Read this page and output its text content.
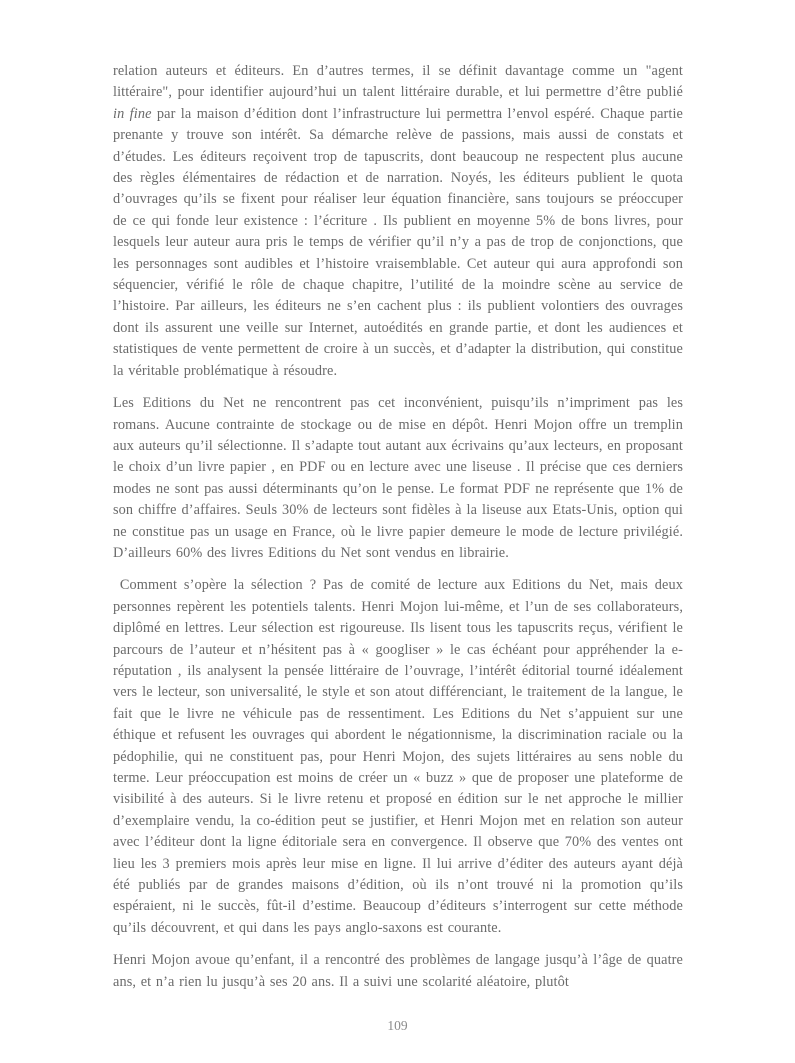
relation auteurs et éditeurs. En d’autres termes, il se définit davantage comme un "agent littéraire", pour identifier aujourd’hui un talent littéraire durable, et lui permettre d’être publié in fine par la maison d’édition dont l’infrastructure lui permettra l’envol espéré. Chaque partie prenante y trouve son intérêt. Sa démarche relève de passions, mais aussi de constats et d’études. Les éditeurs reçoivent trop de tapuscrits, dont beaucoup ne respectent plus aucune des règles élémentaires de rédaction et de narration. Noyés, les éditeurs publient le quota d’ouvrages qu’ils se fixent pour réaliser leur équation financière, sans toujours se préoccuper de ce qui fonde leur existence : l’écriture . Ils publient en moyenne 5% de bons livres, pour lesquels leur auteur aura pris le temps de vérifier qu’il n’y a pas de trop de conjonctions, que les personnages sont audibles et l’histoire vraisemblable. Cet auteur qui aura approfondi son séquencier, vérifié le rôle de chaque chapitre, l’utilité de la moindre scène au service de l’histoire. Par ailleurs, les éditeurs ne s’en cachent plus : ils publient volontiers des ouvrages dont ils assurent une veille sur Internet, autoédités en grande partie, et dont les audiences et statistiques de vente permettent de croire à un succès, et d’adapter la distribution, qui constitue la véritable problématique à résoudre.

Les Editions du Net ne rencontrent pas cet inconvénient, puisqu’ils n’impriment pas les romans. Aucune contrainte de stockage ou de mise en dépôt. Henri Mojon offre un tremplin aux auteurs qu’il sélectionne. Il s’adapte tout autant aux écrivains qu’aux lecteurs, en proposant le choix d’un livre papier , en PDF ou en lecture avec une liseuse . Il précise que ces derniers modes ne sont pas aussi déterminants qu’on le pense. Le format PDF ne représente que 1% de son chiffre d’affaires. Seuls 30% de lecteurs sont fidèles à la liseuse aux Etats-Unis, option qui ne constitue pas un usage en France, où le livre papier demeure le mode de lecture privilégié. D’ailleurs 60% des livres Editions du Net sont vendus en librairie.

Comment s’opère la sélection ? Pas de comité de lecture aux Editions du Net, mais deux personnes repèrent les potentiels talents. Henri Mojon lui-même, et l’un de ses collaborateurs, diplômé en lettres. Leur sélection est rigoureuse. Ils lisent tous les tapuscrits reçus, vérifient le parcours de l’auteur et n’hésitent pas à « googliser » le cas échéant pour appréhender la e-réputation , ils analysent la pensée littéraire de l’ouvrage, l’intérêt éditorial tourné idéalement vers le lecteur, son universalité, le style et son atout différenciant, le traitement de la langue, le fait que le livre ne véhicule pas de ressentiment. Les Editions du Net s’appuient sur une éthique et refusent les ouvrages qui abordent le négationnisme, la discrimination raciale ou la pédophilie, qui ne constituent pas, pour Henri Mojon, des sujets littéraires au sens noble du terme. Leur préoccupation est moins de créer un « buzz » que de proposer une plateforme de visibilité à des auteurs. Si le livre retenu et proposé en édition sur le net approche le millier d’exemplaire vendu, la co-édition peut se justifier, et Henri Mojon met en relation son auteur avec l’éditeur dont la ligne éditoriale sera en convergence. Il observe que 70% des ventes ont lieu les 3 premiers mois après leur mise en ligne. Il lui arrive d’éditer des auteurs ayant déjà été publiés par de grandes maisons d’édition, où ils n’ont trouvé ni la promotion qu’ils espéraient, ni le succès, fût-il d’estime. Beaucoup d’éditeurs s’interrogent sur cette méthode qu’ils découvrent, et qui dans les pays anglo-saxons est courante.

Henri Mojon avoue qu’enfant, il a rencontré des problèmes de langage jusqu’à l’âge de quatre ans, et n’a rien lu jusqu’à ses 20 ans. Il a suivi une scolarité aléatoire, plutôt

109
